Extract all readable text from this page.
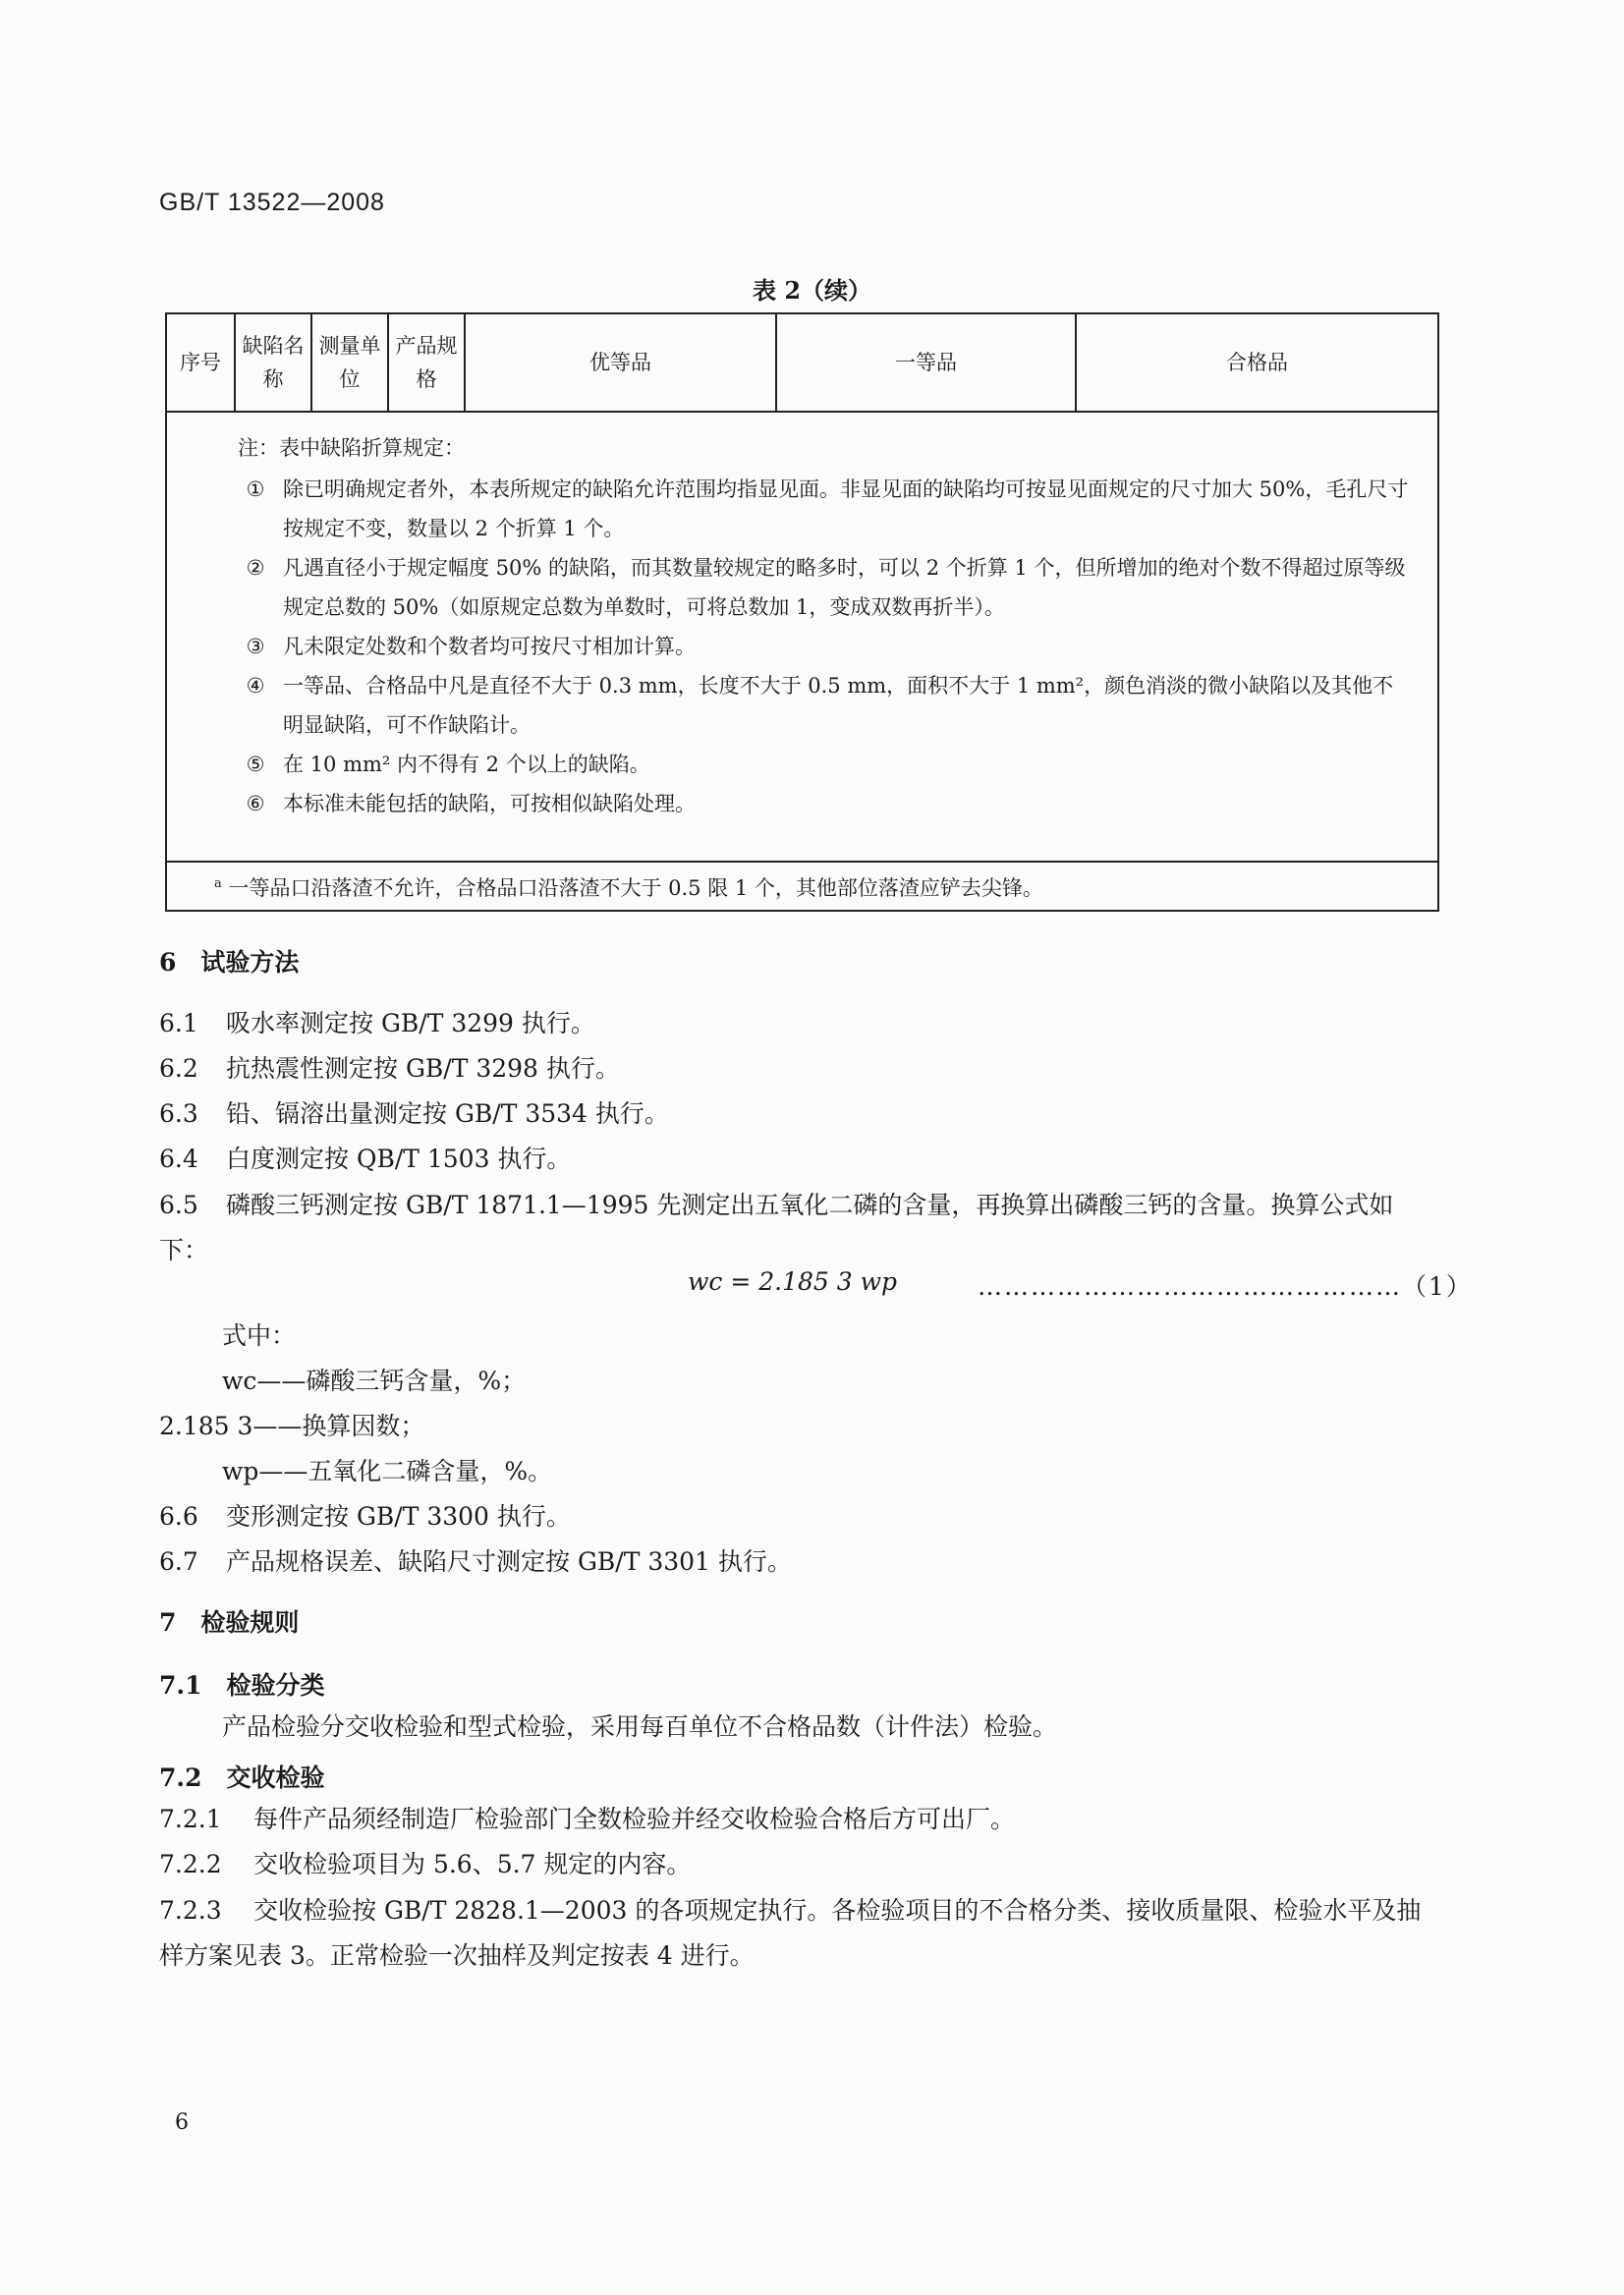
GB/T 13522—2008
表 2（续）
序号	缺陷名称	测量单位	产品规格	优等品	一等品	合格品

注：表中缺陷折算规定：
① 除已明确规定者外，本表所规定的缺陷允许范围均指显见面。非显见面的缺陷均可按显见面规定的尺寸加大 50%，毛孔尺寸按规定不变，数量以 2 个折算 1 个。
② 凡遇直径小于规定幅度 50% 的缺陷，而其数量较规定的略多时，可以 2 个折算 1 个，但所增加的绝对个数不得超过原等级规定总数的 50%（如原规定总数为单数时，可将总数加 1，变成双数再折半）。
③ 凡未限定处数和个数者均可按尺寸相加计算。
④ 一等品、合格品中凡是直径不大于 0.3 mm，长度不大于 0.5 mm，面积不大于 1 mm²，颜色消淡的微小缺陷以及其他不明显缺陷，可不作缺陷计。
⑤ 在 10 mm² 内不得有 2 个以上的缺陷。
⑥ 本标准未能包括的缺陷，可按相似缺陷处理。

$^a$ 一等品口沿落渣不允许，合格品口沿落渣不大于 0.5 限 1 个，其他部位落渣应铲去尖锋。
6　试验方法
6.1 吸水率测定按 GB/T 3299 执行。
6.2 抗热震性测定按 GB/T 3298 执行。
6.3 铅、镉溶出量测定按 GB/T 3534 执行。
6.4 白度测定按 QB/T 1503 执行。
6.5 磷酸三钙测定按 GB/T 1871.1—1995 先测定出五氧化二磷的含量，再换算出磷酸三钙的含量。换算公式如下：
wc = 2.185 3 wp	…………………………………………（1）
式中：
wc——磷酸三钙含量，%；
2.185 3——换算因数；
wp——五氧化二磷含量，%。
6.6 变形测定按 GB/T 3300 执行。
6.7 产品规格误差、缺陷尺寸测定按 GB/T 3301 执行。
7　检验规则
7.1　检验分类
产品检验分交收检验和型式检验，采用每百单位不合格品数（计件法）检验。
7.2　交收检验
7.2.1 每件产品须经制造厂检验部门全数检验并经交收检验合格后方可出厂。
7.2.2 交收检验项目为 5.6、5.7 规定的内容。
7.2.3 交收检验按 GB/T 2828.1—2003 的各项规定执行。各检验项目的不合格分类、接收质量限、检验水平及抽样方案见表 3。正常检验一次抽样及判定按表 4 进行。
6
